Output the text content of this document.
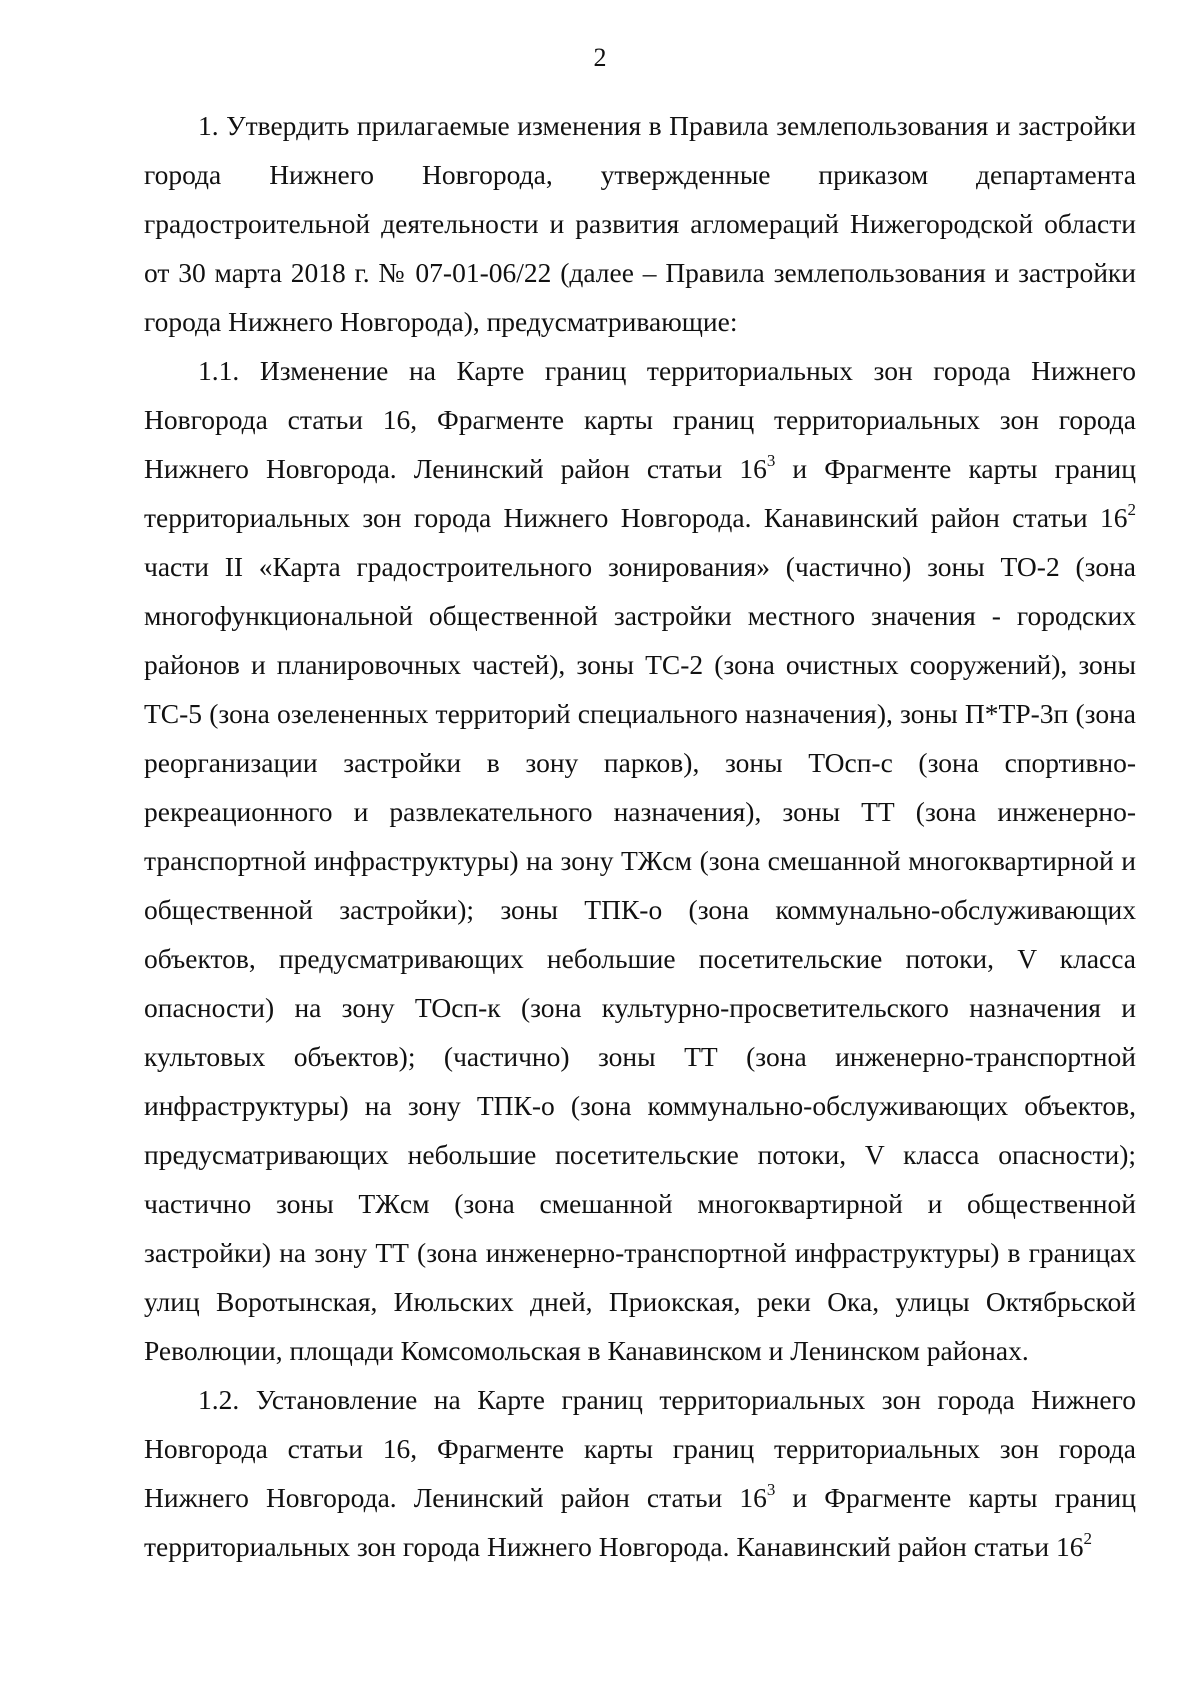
2

1. Утвердить прилагаемые изменения в Правила землепользования и застройки города Нижнего Новгорода, утвержденные приказом департамента градостроительной деятельности и развития агломераций Нижегородской области от 30 марта 2018 г. № 07-01-06/22 (далее – Правила землепользования и застройки города Нижнего Новгорода), предусматривающие:

1.1. Изменение на Карте границ территориальных зон города Нижнего Новгорода статьи 16, Фрагменте карты границ территориальных зон города Нижнего Новгорода. Ленинский район статьи $16^3$ и Фрагменте карты границ территориальных зон города Нижнего Новгорода. Канавинский район статьи $16^2$ части II «Карта градостроительного зонирования» (частично) зоны ТО-2 (зона многофункциональной общественной застройки местного значения - городских районов и планировочных частей), зоны ТС-2 (зона очистных сооружений), зоны ТС-5 (зона озелененных территорий специального назначения), зоны П*ТР-3п (зона реорганизации застройки в зону парков), зоны ТОсп-с (зона спортивно-рекреационного и развлекательного назначения), зоны ТТ (зона инженерно-транспортной инфраструктуры) на зону ТЖсм (зона смешанной многоквартирной и общественной застройки); зоны ТПК-о (зона коммунально-обслуживающих объектов, предусматривающих небольшие посетительские потоки, V класса опасности) на зону ТОсп-к (зона культурно-просветительского назначения и культовых объектов); (частично) зоны ТТ (зона инженерно-транспортной инфраструктуры) на зону ТПК-о (зона коммунально-обслуживающих объектов, предусматривающих небольшие посетительские потоки, V класса опасности); частично зоны ТЖсм (зона смешанной многоквартирной и общественной застройки) на зону ТТ (зона инженерно-транспортной инфраструктуры) в границах улиц Воротынская, Июльских дней, Приокская, реки Ока, улицы Октябрьской Революции, площади Комсомольская в Канавинском и Ленинском районах.

1.2. Установление на Карте границ территориальных зон города Нижнего Новгорода статьи 16, Фрагменте карты границ территориальных зон города Нижнего Новгорода. Ленинский район статьи $16^3$ и Фрагменте карты границ территориальных зон города Нижнего Новгорода. Канавинский район статьи $16^2$
